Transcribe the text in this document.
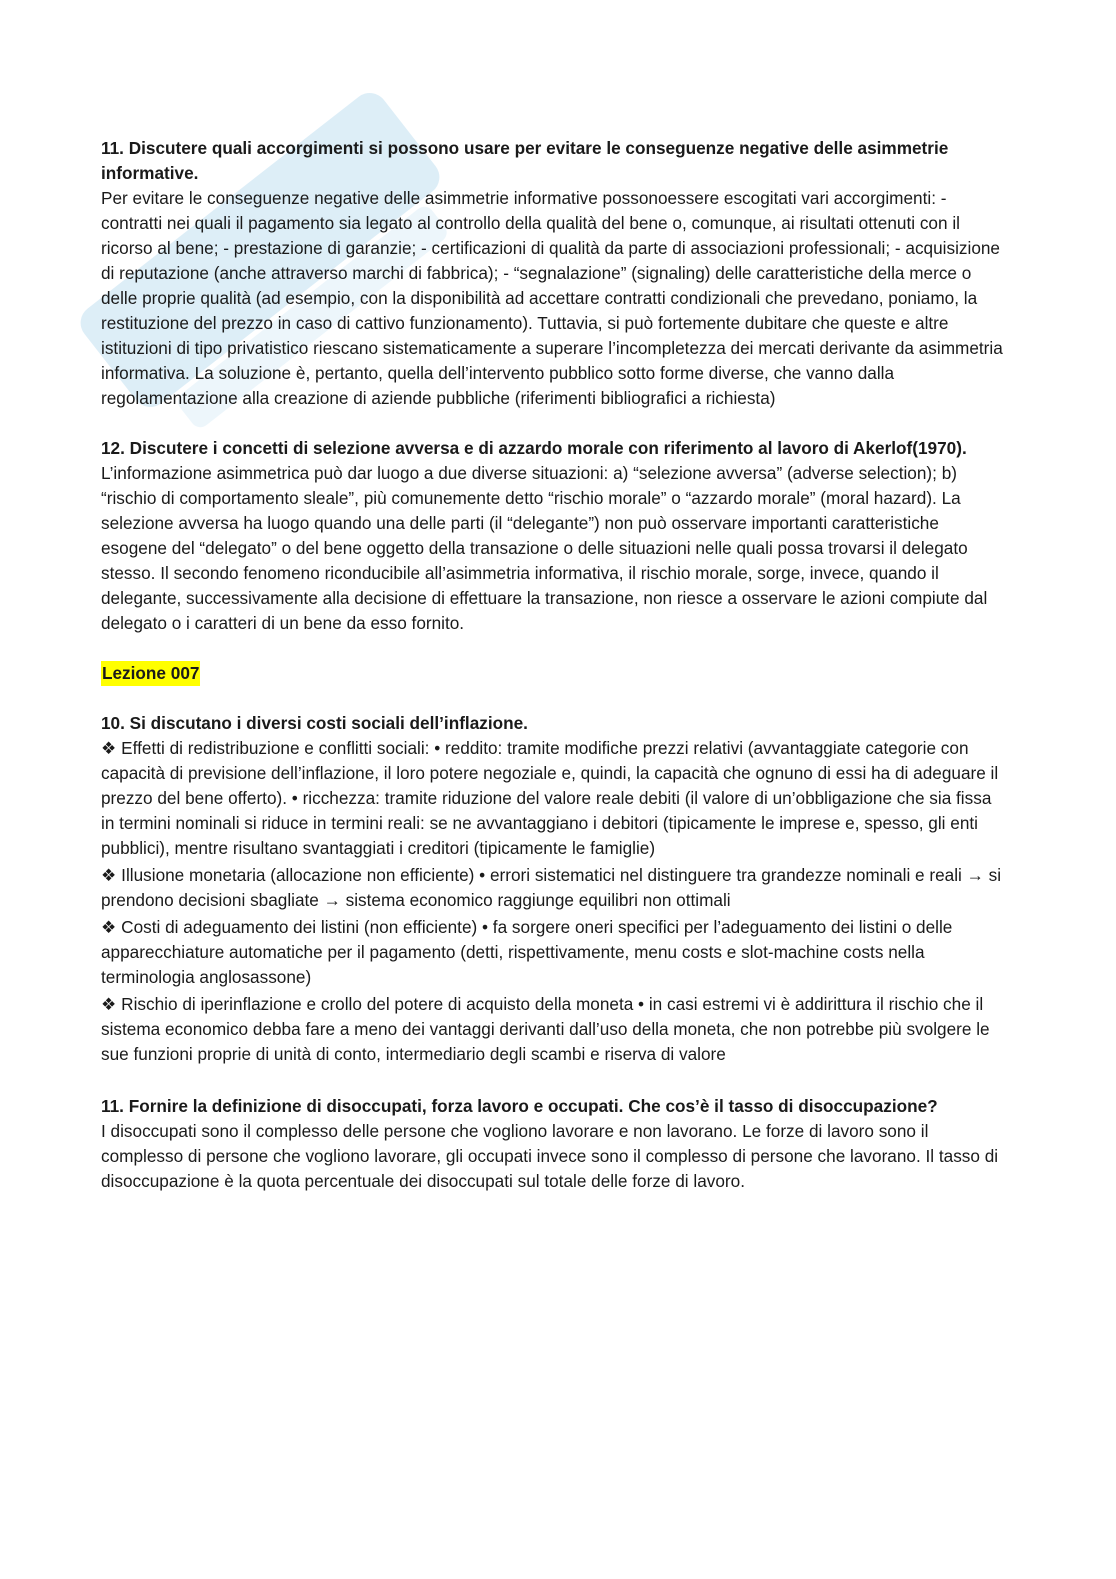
11. Discutere quali accorgimenti si possono usare per evitare le conseguenze negative delle asimmetrie informative.

Per evitare le conseguenze negative delle asimmetrie informative possonoessere escogitati vari accorgimenti: - contratti nei quali il pagamento sia legato al controllo della qualità del bene o, comunque, ai risultati ottenuti con il ricorso al bene; - prestazione di garanzie; - certificazioni di qualità da parte di associazioni professionali; - acquisizione di reputazione (anche attraverso marchi di fabbrica); - “segnalazione” (signaling) delle caratteristiche della merce o delle proprie qualità (ad esempio, con la disponibilità ad accettare contratti condizionali che prevedano, poniamo, la restituzione del prezzo in caso di cattivo funzionamento). Tuttavia, si può fortemente dubitare che queste e altre istituzioni di tipo privatistico riescano sistematicamente a superare l’incompletezza dei mercati derivante da asimmetria informativa. La soluzione è, pertanto, quella dell’intervento pubblico sotto forme diverse, che vanno dalla regolamentazione alla creazione di aziende pubbliche (riferimenti bibliografici a richiesta)

12. Discutere i concetti di selezione avversa e di azzardo morale con riferimento al lavoro di Akerlof(1970).

L’informazione asimmetrica può dar luogo a due diverse situazioni: a) “selezione avversa” (adverse selection); b) “rischio di comportamento sleale”, più comunemente detto “rischio morale” o “azzardo morale” (moral hazard). La selezione avversa ha luogo quando una delle parti (il “delegante”) non può osservare importanti caratteristiche esogene del “delegato” o del bene oggetto della transazione o delle situazioni nelle quali possa trovarsi il delegato stesso. Il secondo fenomeno riconducibile all’asimmetria informativa, il rischio morale, sorge, invece, quando il delegante, successivamente alla decisione di effettuare la transazione, non riesce a osservare le azioni compiute dal delegato o i caratteri di un bene da esso fornito.

Lezione 007

10. Si discutano i diversi costi sociali dell’inflazione.

❖ Effetti di redistribuzione e conflitti sociali: • reddito: tramite modifiche prezzi relativi (avvantaggiate categorie con capacità di previsione dell’inflazione, il loro potere negoziale e, quindi, la capacità che ognuno di essi ha di adeguare il prezzo del bene offerto). • ricchezza: tramite riduzione del valore reale debiti (il valore di un’obbligazione che sia fissa in termini nominali si riduce in termini reali: se ne avvantaggiano i debitori (tipicamente le imprese e, spesso, gli enti pubblici), mentre risultano svantaggiati i creditori (tipicamente le famiglie)

❖ Illusione monetaria (allocazione non efficiente) • errori sistematici nel distinguere tra grandezze nominali e reali → si prendono decisioni sbagliate → sistema economico raggiunge equilibri non ottimali

❖ Costi di adeguamento dei listini (non efficiente) • fa sorgere oneri specifici per l’adeguamento dei listini o delle apparecchiature automatiche per il pagamento (detti, rispettivamente, menu costs e slot-machine costs nella terminologia anglosassone)

❖ Rischio di iperinflazione e crollo del potere di acquisto della moneta • in casi estremi vi è addirittura il rischio che il sistema economico debba fare a meno dei vantaggi derivanti dall’uso della moneta, che non potrebbe più svolgere le sue funzioni proprie di unità di conto, intermediario degli scambi e riserva di valore

11. Fornire la definizione di disoccupati, forza lavoro e occupati. Che cos’è il tasso di disoccupazione?

I disoccupati sono il complesso delle persone che vogliono lavorare e non lavorano. Le forze di lavoro sono il complesso di persone che vogliono lavorare, gli occupati invece sono il complesso di persone che lavorano. Il tasso di disoccupazione è la quota percentuale dei disoccupati sul totale delle forze di lavoro.
